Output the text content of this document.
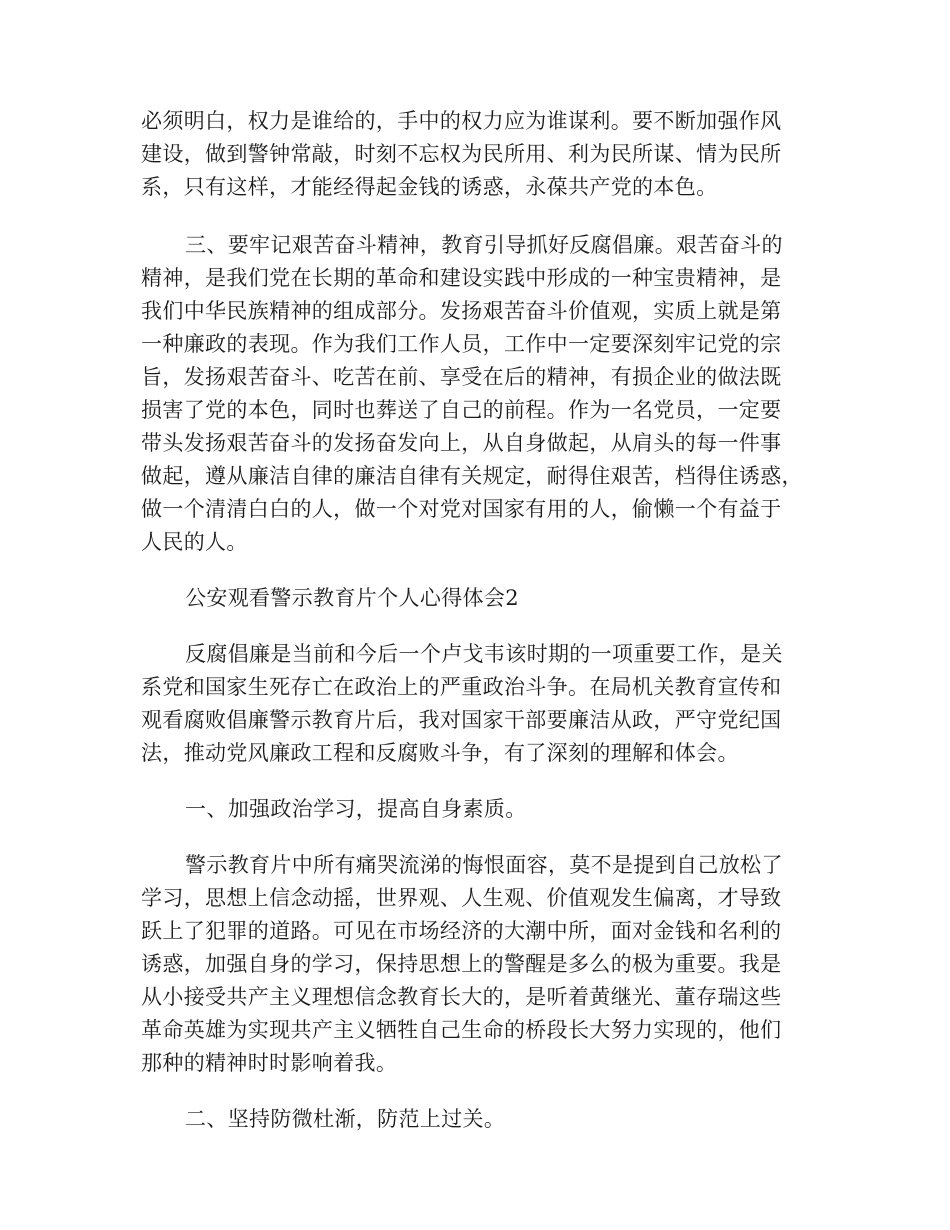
必须明白，权力是谁给的，手中的权力应为谁谋利。要不断加强作风
建设，做到警钟常敲，时刻不忘权为民所用、利为民所谋、情为民所
系，只有这样，才能经得起金钱的诱惑，永葆共产党的本色。
三、要牢记艰苦奋斗精神，教育引导抓好反腐倡廉。艰苦奋斗的
精神，是我们党在长期的革命和建设实践中形成的一种宝贵精神，是
我们中华民族精神的组成部分。发扬艰苦奋斗价值观，实质上就是第
一种廉政的表现。作为我们工作人员，工作中一定要深刻牢记党的宗
旨，发扬艰苦奋斗、吃苦在前、享受在后的精神，有损企业的做法既
损害了党的本色，同时也葬送了自己的前程。作为一名党员，一定要
带头发扬艰苦奋斗的发扬奋发向上，从自身做起，从肩头的每一件事
做起，遵从廉洁自律的廉洁自律有关规定，耐得住艰苦，档得住诱惑，
做一个清清白白的人，做一个对党对国家有用的人，偷懒一个有益于
人民的人。
公安观看警示教育片个人心得体会2
反腐倡廉是当前和今后一个卢戈韦该时期的一项重要工作，是关
系党和国家生死存亡在政治上的严重政治斗争。在局机关教育宣传和
观看腐败倡廉警示教育片后，我对国家干部要廉洁从政，严守党纪国
法，推动党风廉政工程和反腐败斗争，有了深刻的理解和体会。
一、加强政治学习，提高自身素质。
警示教育片中所有痛哭流涕的悔恨面容，莫不是提到自己放松了
学习，思想上信念动摇，世界观、人生观、价值观发生偏离，才导致
跃上了犯罪的道路。可见在市场经济的大潮中所，面对金钱和名利的
诱惑，加强自身的学习，保持思想上的警醒是多么的极为重要。我是
从小接受共产主义理想信念教育长大的，是听着黄继光、董存瑞这些
革命英雄为实现共产主义牺牲自己生命的桥段长大努力实现的，他们
那种的精神时时影响着我。
二、坚持防微杜渐，防范上过关。
